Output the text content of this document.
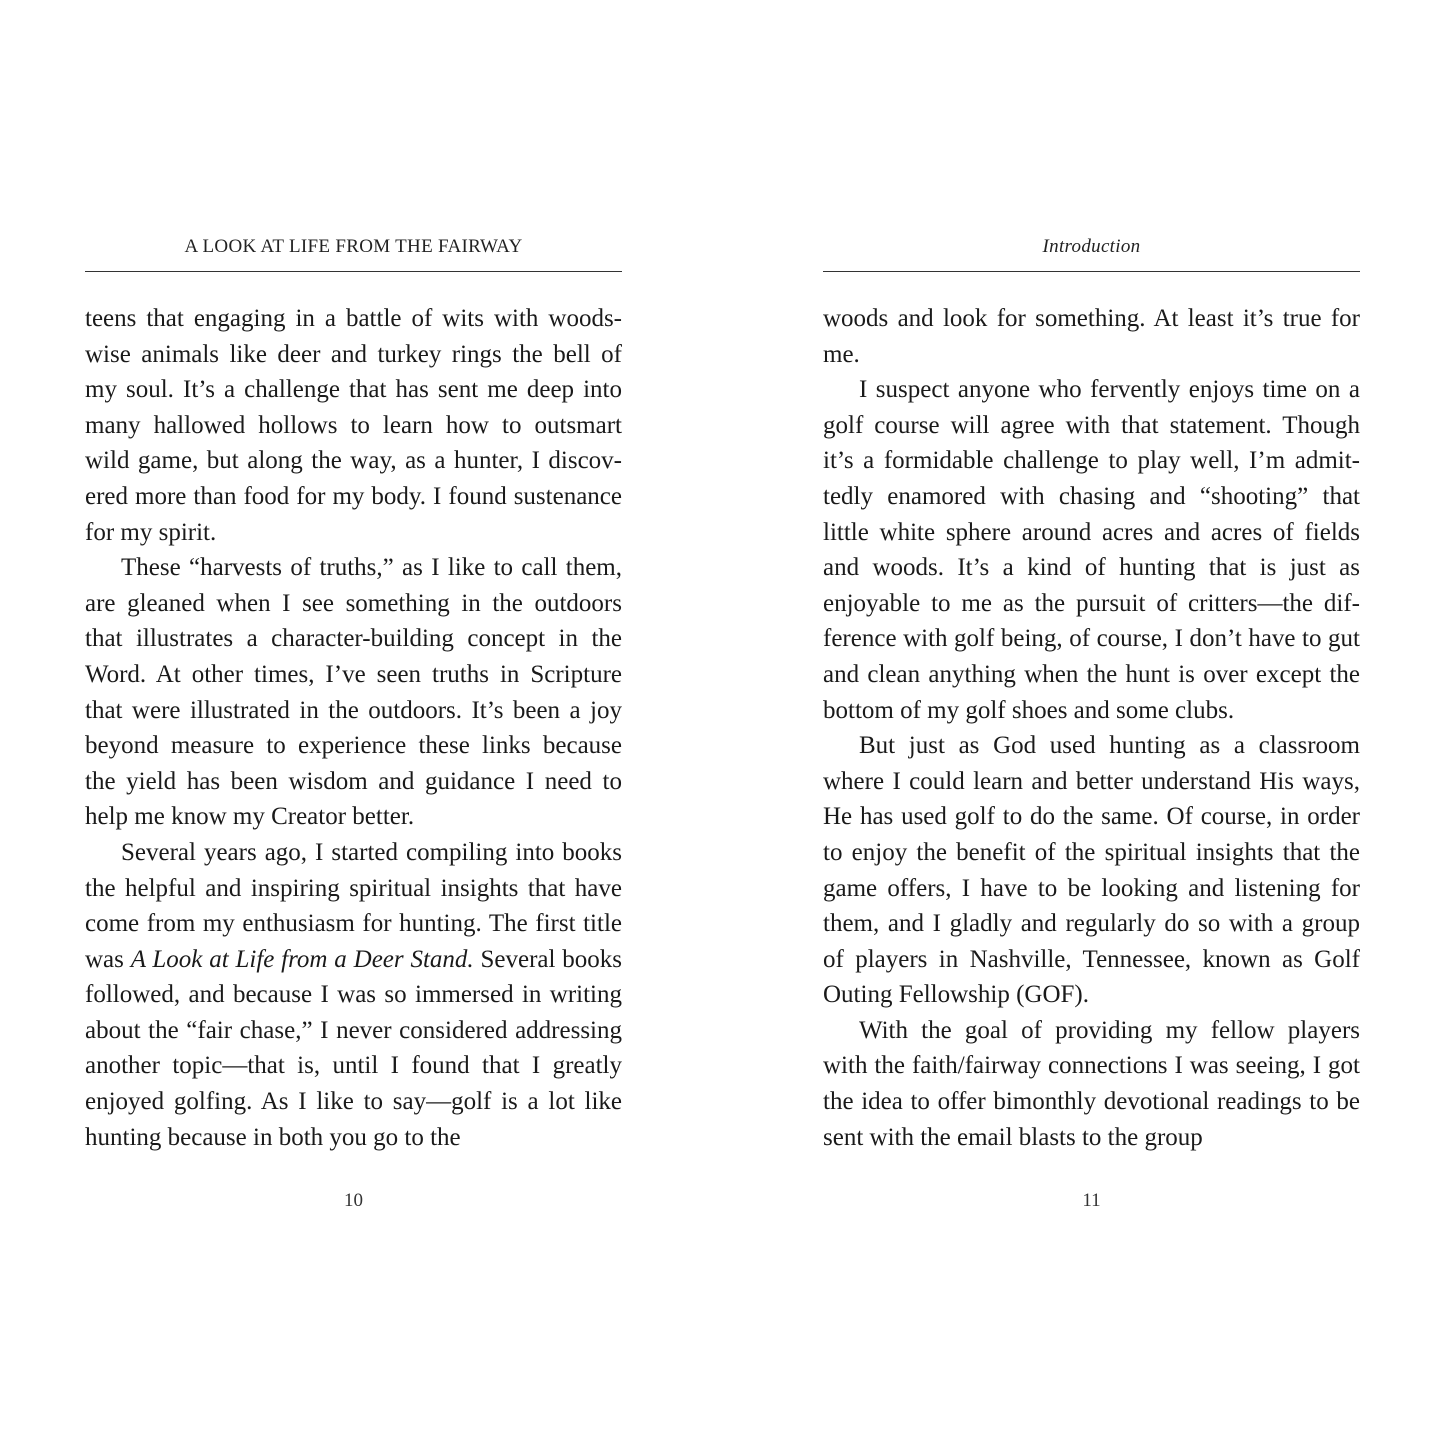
A LOOK AT LIFE FROM THE FAIRWAY

teens that engaging in a battle of wits with woodswise animals like deer and turkey rings the bell of my soul. It’s a challenge that has sent me deep into many hallowed hollows to learn how to outsmart wild game, but along the way, as a hunter, I discovered more than food for my body. I found sustenance for my spirit.

These “harvests of truths,” as I like to call them, are gleaned when I see something in the outdoors that illustrates a character-building concept in the Word. At other times, I’ve seen truths in Scripture that were illustrated in the outdoors. It’s been a joy beyond measure to experience these links because the yield has been wisdom and guidance I need to help me know my Creator better.

Several years ago, I started compiling into books the helpful and inspiring spiritual insights that have come from my enthusiasm for hunting. The first title was A Look at Life from a Deer Stand. Several books followed, and because I was so immersed in writing about the “fair chase,” I never considered addressing another topic—that is, until I found that I greatly enjoyed golfing. As I like to say—golf is a lot like hunting because in both you go to the

10
Introduction

woods and look for something. At least it’s true for me.

I suspect anyone who fervently enjoys time on a golf course will agree with that statement. Though it’s a formidable challenge to play well, I’m admittedly enamored with chasing and “shooting” that little white sphere around acres and acres of fields and woods. It’s a kind of hunting that is just as enjoyable to me as the pursuit of critters—the difference with golf being, of course, I don’t have to gut and clean anything when the hunt is over except the bottom of my golf shoes and some clubs.

But just as God used hunting as a classroom where I could learn and better understand His ways, He has used golf to do the same. Of course, in order to enjoy the benefit of the spiritual insights that the game offers, I have to be looking and listening for them, and I gladly and regularly do so with a group of players in Nashville, Tennessee, known as Golf Outing Fellowship (GOF).

With the goal of providing my fellow players with the faith/fairway connections I was seeing, I got the idea to offer bimonthly devotional readings to be sent with the email blasts to the group

11
